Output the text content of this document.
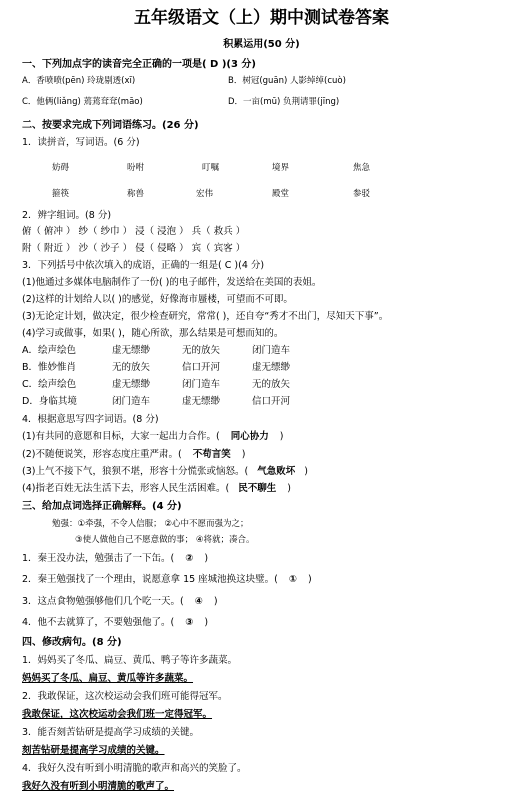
五年级语文（上）期中测试卷答案
积累运用(50 分)
一、下列加点字的读音完全正确的一项是( D )(3 分)
A．香喷喷(pēn) 玲珑剔透(xī)	B．树冠(guān) 人影绰绰(cuò)
C．他俩(liǎng) 蔫蔫耷耷(māo)	D．一亩(mū) 负荆请罪(jīng)
二、按要求完成下列词语练习。(26 分)
1．读拼音，写词语。(6 分)
妨碍	吩咐	叮嘱	境界	焦急
箍筷	称兽	宏伟	殿堂	参驳
2．辨字组词。(8 分)
俯（ 俯冲 ） 纱（ 纱巾 ） 浸（ 浸泡 ） 兵（ 救兵 ）
附（ 附近 ） 沙（ 沙子 ） 侵（ 侵略 ） 宾（ 宾客 ）
3．下列括号中依次填入的成语，正确的一组是( C )(4 分)
(1)他通过多媒体电脑制作了一份( )的电子邮件，发送给在美国的表姐。
(2)这样的计划给人以( )的感觉，好像海市蜃楼，可望而不可即。
(3)无论定计划，做决定，很少检查研究，常常( )，还自夸“秀才不出门，尽知天下事”。
(4)学习或做事，如果( )，随心所欲，那么结果是可想而知的。
A．绘声绘色	虚无缥缈	无的放矢	闭门造车
B．惟妙惟肖	无的放矢	信口开河	虚无缥缈
C．绘声绘色	虚无缥缈	闭门造车	无的放矢
D．身临其境	闭门造车	虚无缥缈	信口开河
4．根据意思写四字词语。(8 分)
(1)有共同的意愿和目标，大家一起出力合作。( 同心协力 )
(2)不随便说笑，形容态度庄重严肃。( 不苟言笑 )
(3)上气不接下气，狼狈不堪，形容十分慌张或恼怒。( 气急败坏 )
(4)指老百姓无法生活下去，形容人民生活困难。( 民不聊生 )
三、给加点词选择正确解释。(4 分)
勉强：①牵强，不令人信服； ②心中不愿而强为之；
③使人做他自己不愿意做的事； ④将就；凑合。
1．秦王没办法，勉强击了一下缶。( ② )
2．秦王勉强找了一个理由，说愿意拿 15 座城池换这块璧。( ① )
3．这点食物勉强够他们几个吃一天。( ④ )
4．他不去就算了，不要勉强他了。( ③ )
四、修改病句。(8 分)
1．妈妈买了冬瓜、扁豆、黄瓜、鸭子等许多蔬菜。
妈妈买了冬瓜、扁豆、黄瓜等许多蔬菜。
2．我敢保证，这次校运动会我们班可能得冠军。
我敢保证，这次校运动会我们班一定得冠军。
3．能否刻苦钻研是提高学习成绩的关键。
刻苦钻研是提高学习成绩的关键。
4．我好久没有听到小明清脆的歌声和高兴的笑脸了。
我好久没有听到小明清脆的歌声了。
